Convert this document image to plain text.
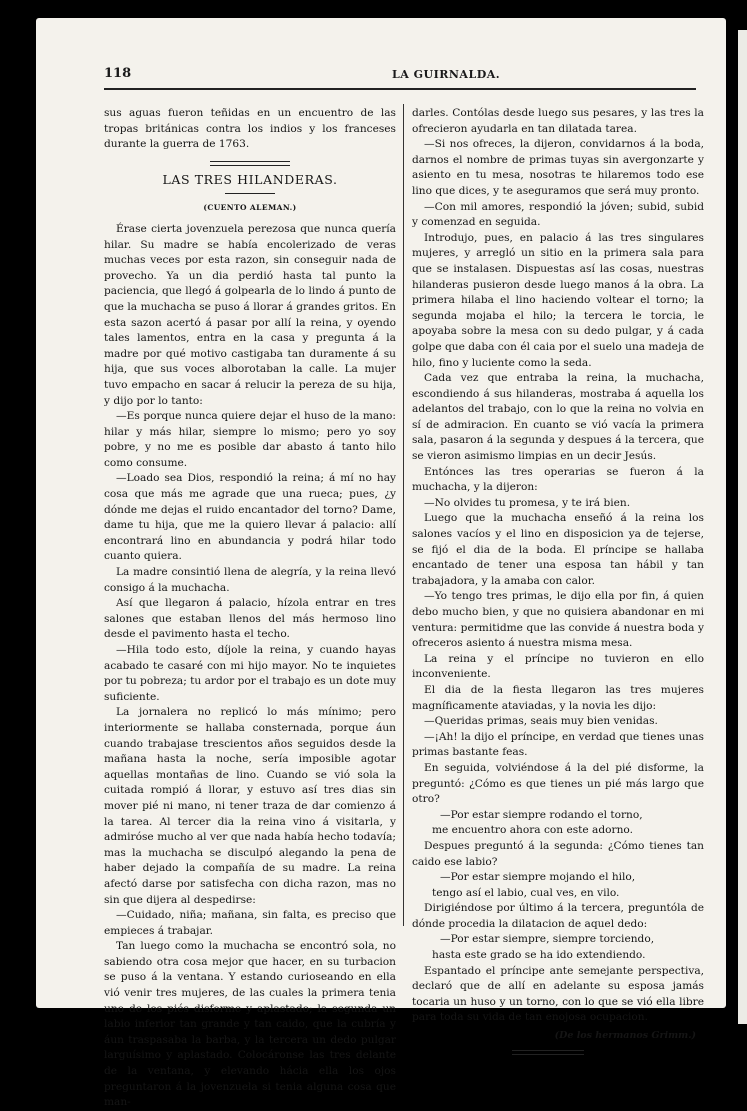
118	LA GUIRNALDA.

sus aguas fueron teñidas en un encuentro de las tropas británicas contra los indios y los franceses durante la guerra de 1763.

LAS TRES HILANDERAS.
(CUENTO ALEMAN.)

Érase cierta jovenzuela perezosa que nunca quería hilar. Su madre se había encolerizado de veras muchas veces por esta razon, sin conseguir nada de provecho. Ya un dia perdió hasta tal punto la paciencia, que llegó á golpearla de lo lindo á punto de que la muchacha se puso á llorar á grandes gritos. En esta sazon acertó á pasar por allí la reina, y oyendo tales lamentos, entra en la casa y pregunta á la madre por qué motivo castigaba tan duramente á su hija, que sus voces alborotaban la calle. La mujer tuvo empacho en sacar á relucir la pereza de su hija, y dijo por lo tanto:

—Es porque nunca quiere dejar el huso de la mano: hilar y más hilar, siempre lo mismo; pero yo soy pobre, y no me es posible dar abasto á tanto hilo como consume.

—Loado sea Dios, respondió la reina; á mí no hay cosa que más me agrade que una rueca; pues, ¿y dónde me dejas el ruido encantador del torno? Dame, dame tu hija, que me la quiero llevar á palacio: allí encontrará lino en abundancia y podrá hilar todo cuanto quiera.

La madre consintió llena de alegría, y la reina llevó consigo á la muchacha.

Así que llegaron á palacio, hízola entrar en tres salones que estaban llenos del más hermoso lino desde el pavimento hasta el techo.

—Hila todo esto, díjole la reina, y cuando hayas acabado te casaré con mi hijo mayor. No te inquietes por tu pobreza; tu ardor por el trabajo es un dote muy suficiente.

La jornalera no replicó lo más mínimo; pero interiormente se hallaba consternada, porque áun cuando trabajase trescientos años seguidos desde la mañana hasta la noche, sería imposible agotar aquellas montañas de lino. Cuando se vió sola la cuitada rompió á llorar, y estuvo así tres dias sin mover pié ni mano, ni tener traza de dar comienzo á la tarea. Al tercer dia la reina vino á visitarla, y admiróse mucho al ver que nada había hecho todavía; mas la muchacha se disculpó alegando la pena de haber dejado la compañía de su madre. La reina afectó darse por satisfecha con dicha razon, mas no sin que dijera al despedirse:

—Cuidado, niña; mañana, sin falta, es preciso que empieces á trabajar.

Tan luego como la muchacha se encontró sola, no sabiendo otra cosa mejor que hacer, en su turbacion se puso á la ventana. Y estando curioseando en ella vió venir tres mujeres, de las cuales la primera tenia uno de los piés disforme y aplastado; la segunda un labio inferior tan grande y tan caido, que la cubría y áun traspasaba la barba, y la tercera un dedo pulgar larguísimo y aplastado. Colocáronse las tres delante de la ventana, y elevando hácia ella los ojos preguntaron á la jovenzuela si tenia alguna cosa que man-

darles. Contólas desde luego sus pesares, y las tres la ofrecieron ayudarla en tan dilatada tarea.

—Si nos ofreces, la dijeron, convidarnos á la boda, darnos el nombre de primas tuyas sin avergonzarte y asiento en tu mesa, nosotras te hilaremos todo ese lino que dices, y te aseguramos que será muy pronto.

—Con mil amores, respondió la jóven; subid, subid y comenzad en seguida.

Introdujo, pues, en palacio á las tres singulares mujeres, y arregló un sitio en la primera sala para que se instalasen. Dispuestas así las cosas, nuestras hilanderas pusieron desde luego manos á la obra. La primera hilaba el lino haciendo voltear el torno; la segunda mojaba el hilo; la tercera le torcia, le apoyaba sobre la mesa con su dedo pulgar, y á cada golpe que daba con él caia por el suelo una madeja de hilo, fino y luciente como la seda.

Cada vez que entraba la reina, la muchacha, escondiendo á sus hilanderas, mostraba á aquella los adelantos del trabajo, con lo que la reina no volvia en sí de admiracion. En cuanto se vió vacía la primera sala, pasaron á la segunda y despues á la tercera, que se vieron asimismo limpias en un decir Jesús.

Entónces las tres operarias se fueron á la muchacha, y la dijeron:

—No olvides tu promesa, y te irá bien.

Luego que la muchacha enseñó á la reina los salones vacíos y el lino en disposicion ya de tejerse, se fijó el dia de la boda. El príncipe se hallaba encantado de tener una esposa tan hábil y tan trabajadora, y la amaba con calor.

—Yo tengo tres primas, le dijo ella por fin, á quien debo mucho bien, y que no quisiera abandonar en mi ventura: permitidme que las convide á nuestra boda y ofreceros asiento á nuestra misma mesa.

La reina y el príncipe no tuvieron en ello inconveniente.

El dia de la fiesta llegaron las tres mujeres magníficamente ataviadas, y la novia les dijo:

—Queridas primas, seais muy bien venidas.

—¡Ah! la dijo el príncipe, en verdad que tienes unas primas bastante feas.

En seguida, volviéndose á la del pié disforme, la preguntó: ¿Cómo es que tienes un pié más largo que otro?

—Por estar siempre rodando el torno,

me encuentro ahora con este adorno.

Despues preguntó á la segunda: ¿Cómo tienes tan caido ese labio?

—Por estar siempre mojando el hilo,

tengo así el labio, cual ves, en vilo.

Dirigiéndose por último á la tercera, preguntóla de dónde procedia la dilatacion de aquel dedo:

—Por estar siempre, siempre torciendo,

hasta este grado se ha ido extendiendo.

Espantado el príncipe ante semejante perspectiva, declaró que de allí en adelante su esposa jamás tocaria un huso y un torno, con lo que se vió ella libre para toda su vida de tan enojosa ocupacion.

(De los hermanos Grimm.)
